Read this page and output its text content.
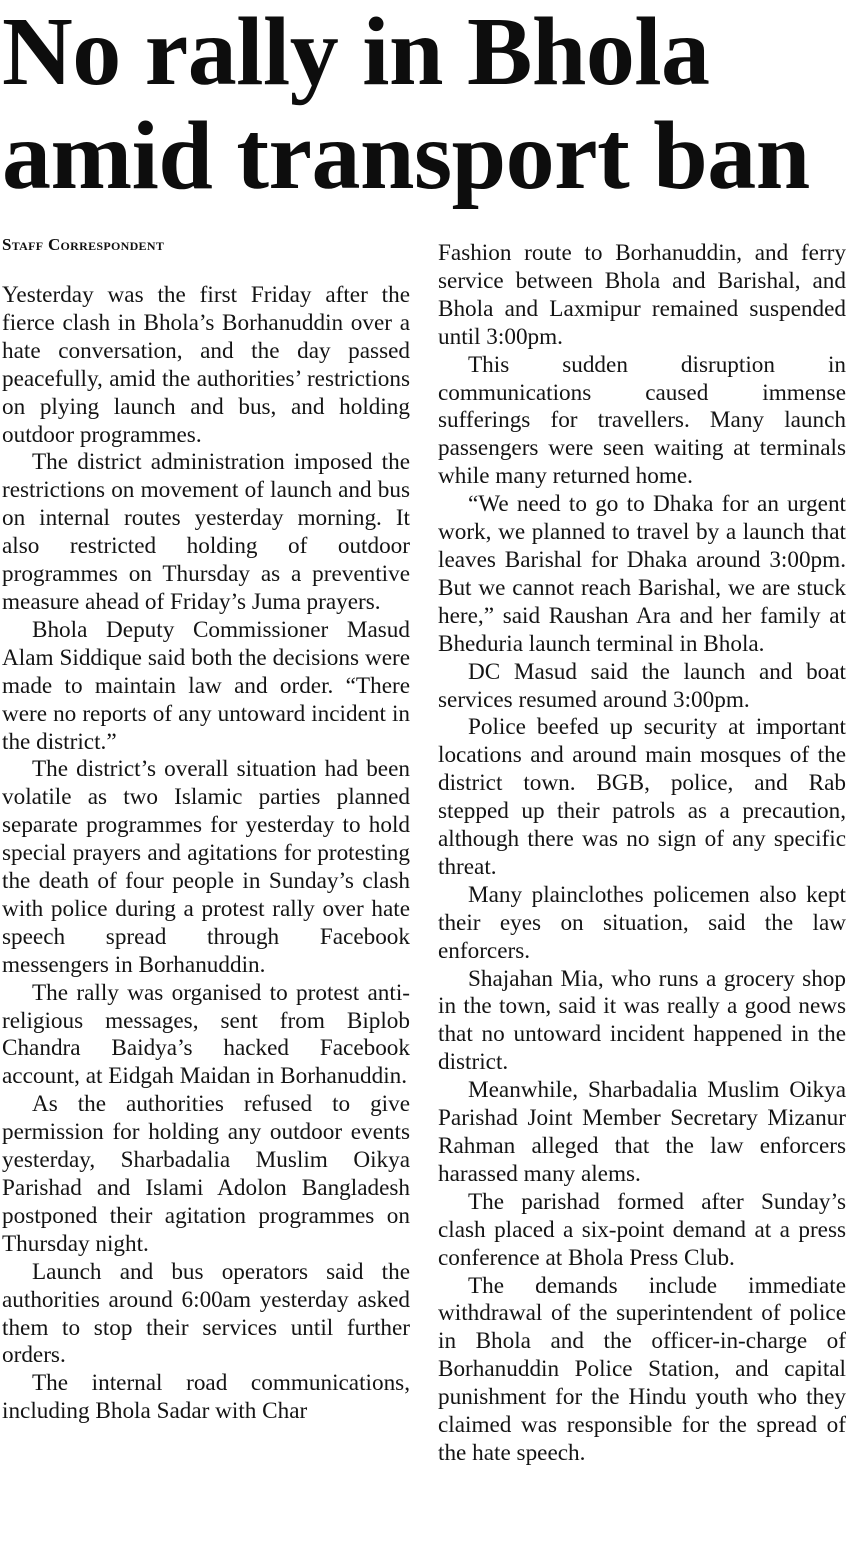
No rally in Bhola
amid transport ban
Staff Correspondent

Yesterday was the first Friday after the fierce clash in Bhola’s Borhanuddin over a hate conversation, and the day passed peacefully, amid the authorities’ restrictions on plying launch and bus, and holding outdoor programmes.

The district administration imposed the restrictions on movement of launch and bus on internal routes yesterday morning. It also restricted holding of outdoor programmes on Thursday as a preventive measure ahead of Friday’s Juma prayers.

Bhola Deputy Commissioner Masud Alam Siddique said both the decisions were made to maintain law and order. “There were no reports of any untoward incident in the district.”

The district’s overall situation had been volatile as two Islamic parties planned separate programmes for yesterday to hold special prayers and agitations for protesting the death of four people in Sunday’s clash with police during a protest rally over hate speech spread through Facebook messengers in Borhanuddin.

The rally was organised to protest anti-religious messages, sent from Biplob Chandra Baidya’s hacked Facebook account, at Eidgah Maidan in Borhanuddin.

As the authorities refused to give permission for holding any outdoor events yesterday, Sharbadalia Muslim Oikya Parishad and Islami Adolon Bangladesh postponed their agitation programmes on Thursday night.

Launch and bus operators said the authorities around 6:00am yesterday asked them to stop their services until further orders.

The internal road communications, including Bhola Sadar with Char

Fashion route to Borhanuddin, and ferry service between Bhola and Barishal, and Bhola and Laxmipur remained suspended until 3:00pm.

This sudden disruption in communications caused immense sufferings for travellers. Many launch passengers were seen waiting at terminals while many returned home.

“We need to go to Dhaka for an urgent work, we planned to travel by a launch that leaves Barishal for Dhaka around 3:00pm. But we cannot reach Barishal, we are stuck here,” said Raushan Ara and her family at Bheduria launch terminal in Bhola.

DC Masud said the launch and boat services resumed around 3:00pm.

Police beefed up security at important locations and around main mosques of the district town. BGB, police, and Rab stepped up their patrols as a precaution, although there was no sign of any specific threat.

Many plainclothes policemen also kept their eyes on situation, said the law enforcers.

Shajahan Mia, who runs a grocery shop in the town, said it was really a good news that no untoward incident happened in the district.

Meanwhile, Sharbadalia Muslim Oikya Parishad Joint Member Secretary Mizanur Rahman alleged that the law enforcers harassed many alems.

The parishad formed after Sunday’s clash placed a six-point demand at a press conference at Bhola Press Club.

The demands include immediate withdrawal of the superintendent of police in Bhola and the officer-in-charge of Borhanuddin Police Station, and capital punishment for the Hindu youth who they claimed was responsible for the spread of the hate speech.
